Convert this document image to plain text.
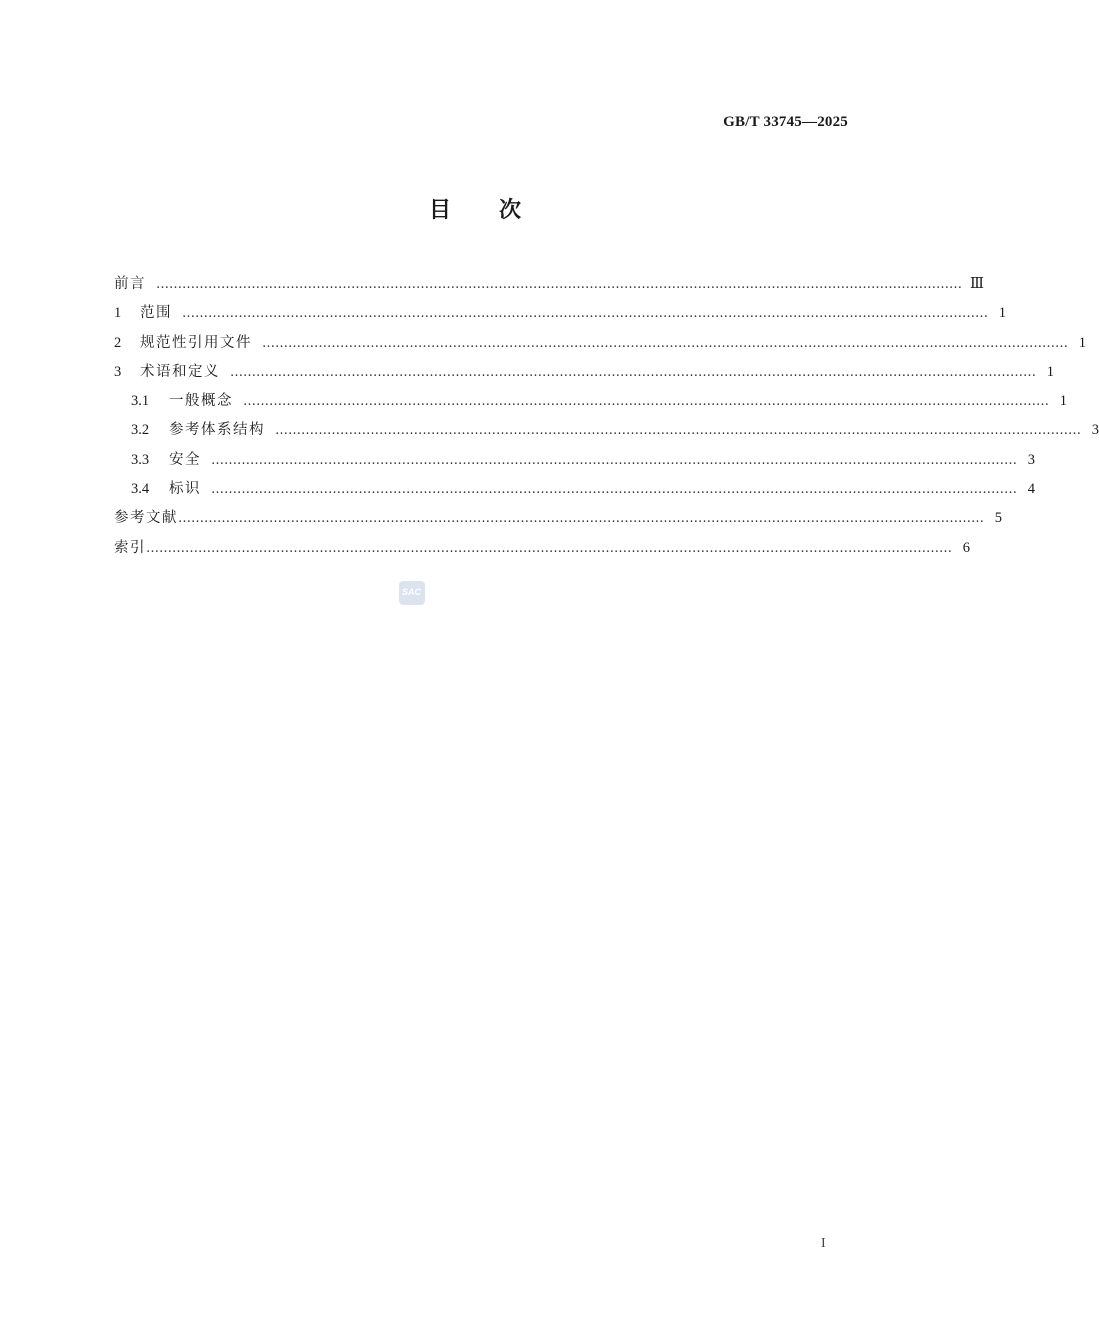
GB/T 33745—2025
目 次
前言 …………………………………………………………………………………………………………………………………………………………………… Ⅲ
1	范围 …………………………………………………………………………………………………………………………………………………………………… 1
2	规范性引用文件 …………………………………………………………………………………………………………………………………………………………………… 1
3	术语和定义 …………………………………………………………………………………………………………………………………………………………………… 1
3.1	一般概念 …………………………………………………………………………………………………………………………………………………………………… 1
3.2	参考体系结构 …………………………………………………………………………………………………………………………………………………………………… 3
3.3	安全 …………………………………………………………………………………………………………………………………………………………………… 3
3.4	标识 …………………………………………………………………………………………………………………………………………………………………… 4
参考文献 …………………………………………………………………………………………………………………………………………………………………… 5
索引 …………………………………………………………………………………………………………………………………………………………………… 6
SAC
I
